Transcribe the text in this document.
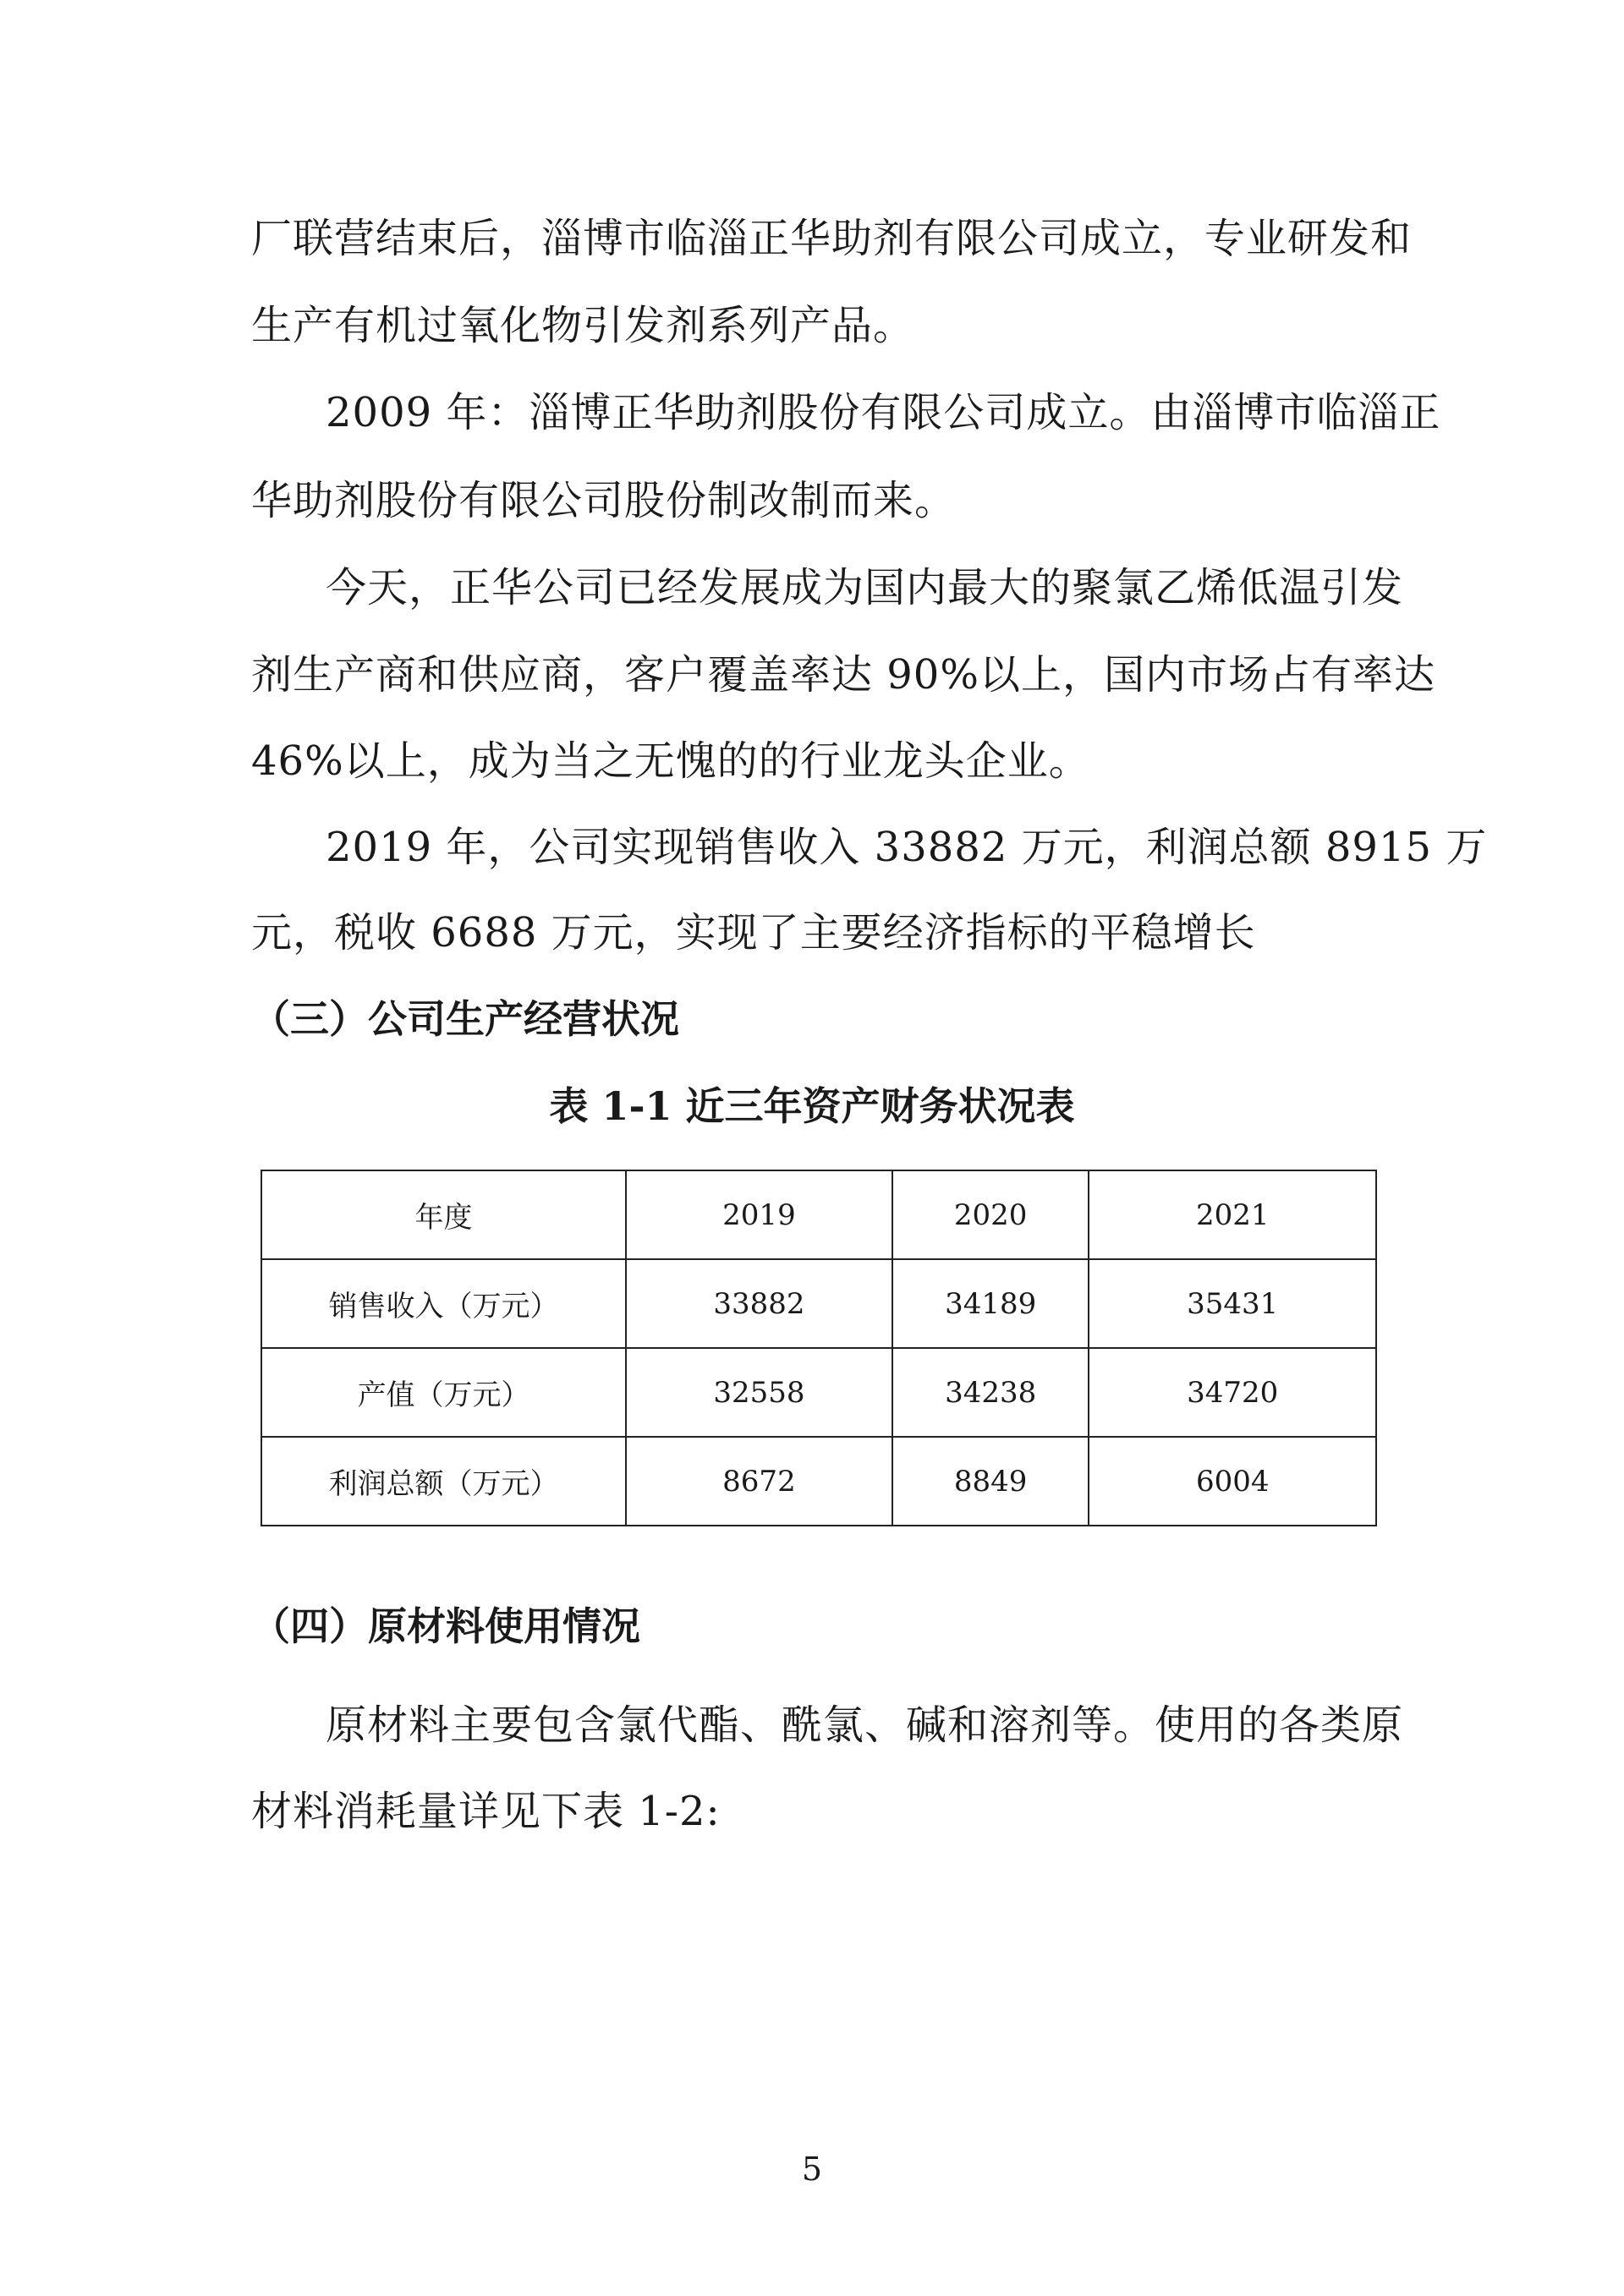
厂联营结束后，淄博市临淄正华助剂有限公司成立，专业研发和
生产有机过氧化物引发剂系列产品。
2009 年：淄博正华助剂股份有限公司成立。由淄博市临淄正
华助剂股份有限公司股份制改制而来。
今天，正华公司已经发展成为国内最大的聚氯乙烯低温引发
剂生产商和供应商，客户覆盖率达 90%以上，国内市场占有率达
46%以上，成为当之无愧的的行业龙头企业。
2019 年，公司实现销售收入 33882 万元，利润总额 8915 万
元，税收 6688 万元，实现了主要经济指标的平稳增长
（三）公司生产经营状况
表 1-1 近三年资产财务状况表
年度	2019	2020	2021
销售收入（万元）	33882	34189	35431
产值（万元）	32558	34238	34720
利润总额（万元）	8672	8849	6004
（四）原材料使用情况
原材料主要包含氯代酯、酰氯、碱和溶剂等。使用的各类原
材料消耗量详见下表 1-2:
5
